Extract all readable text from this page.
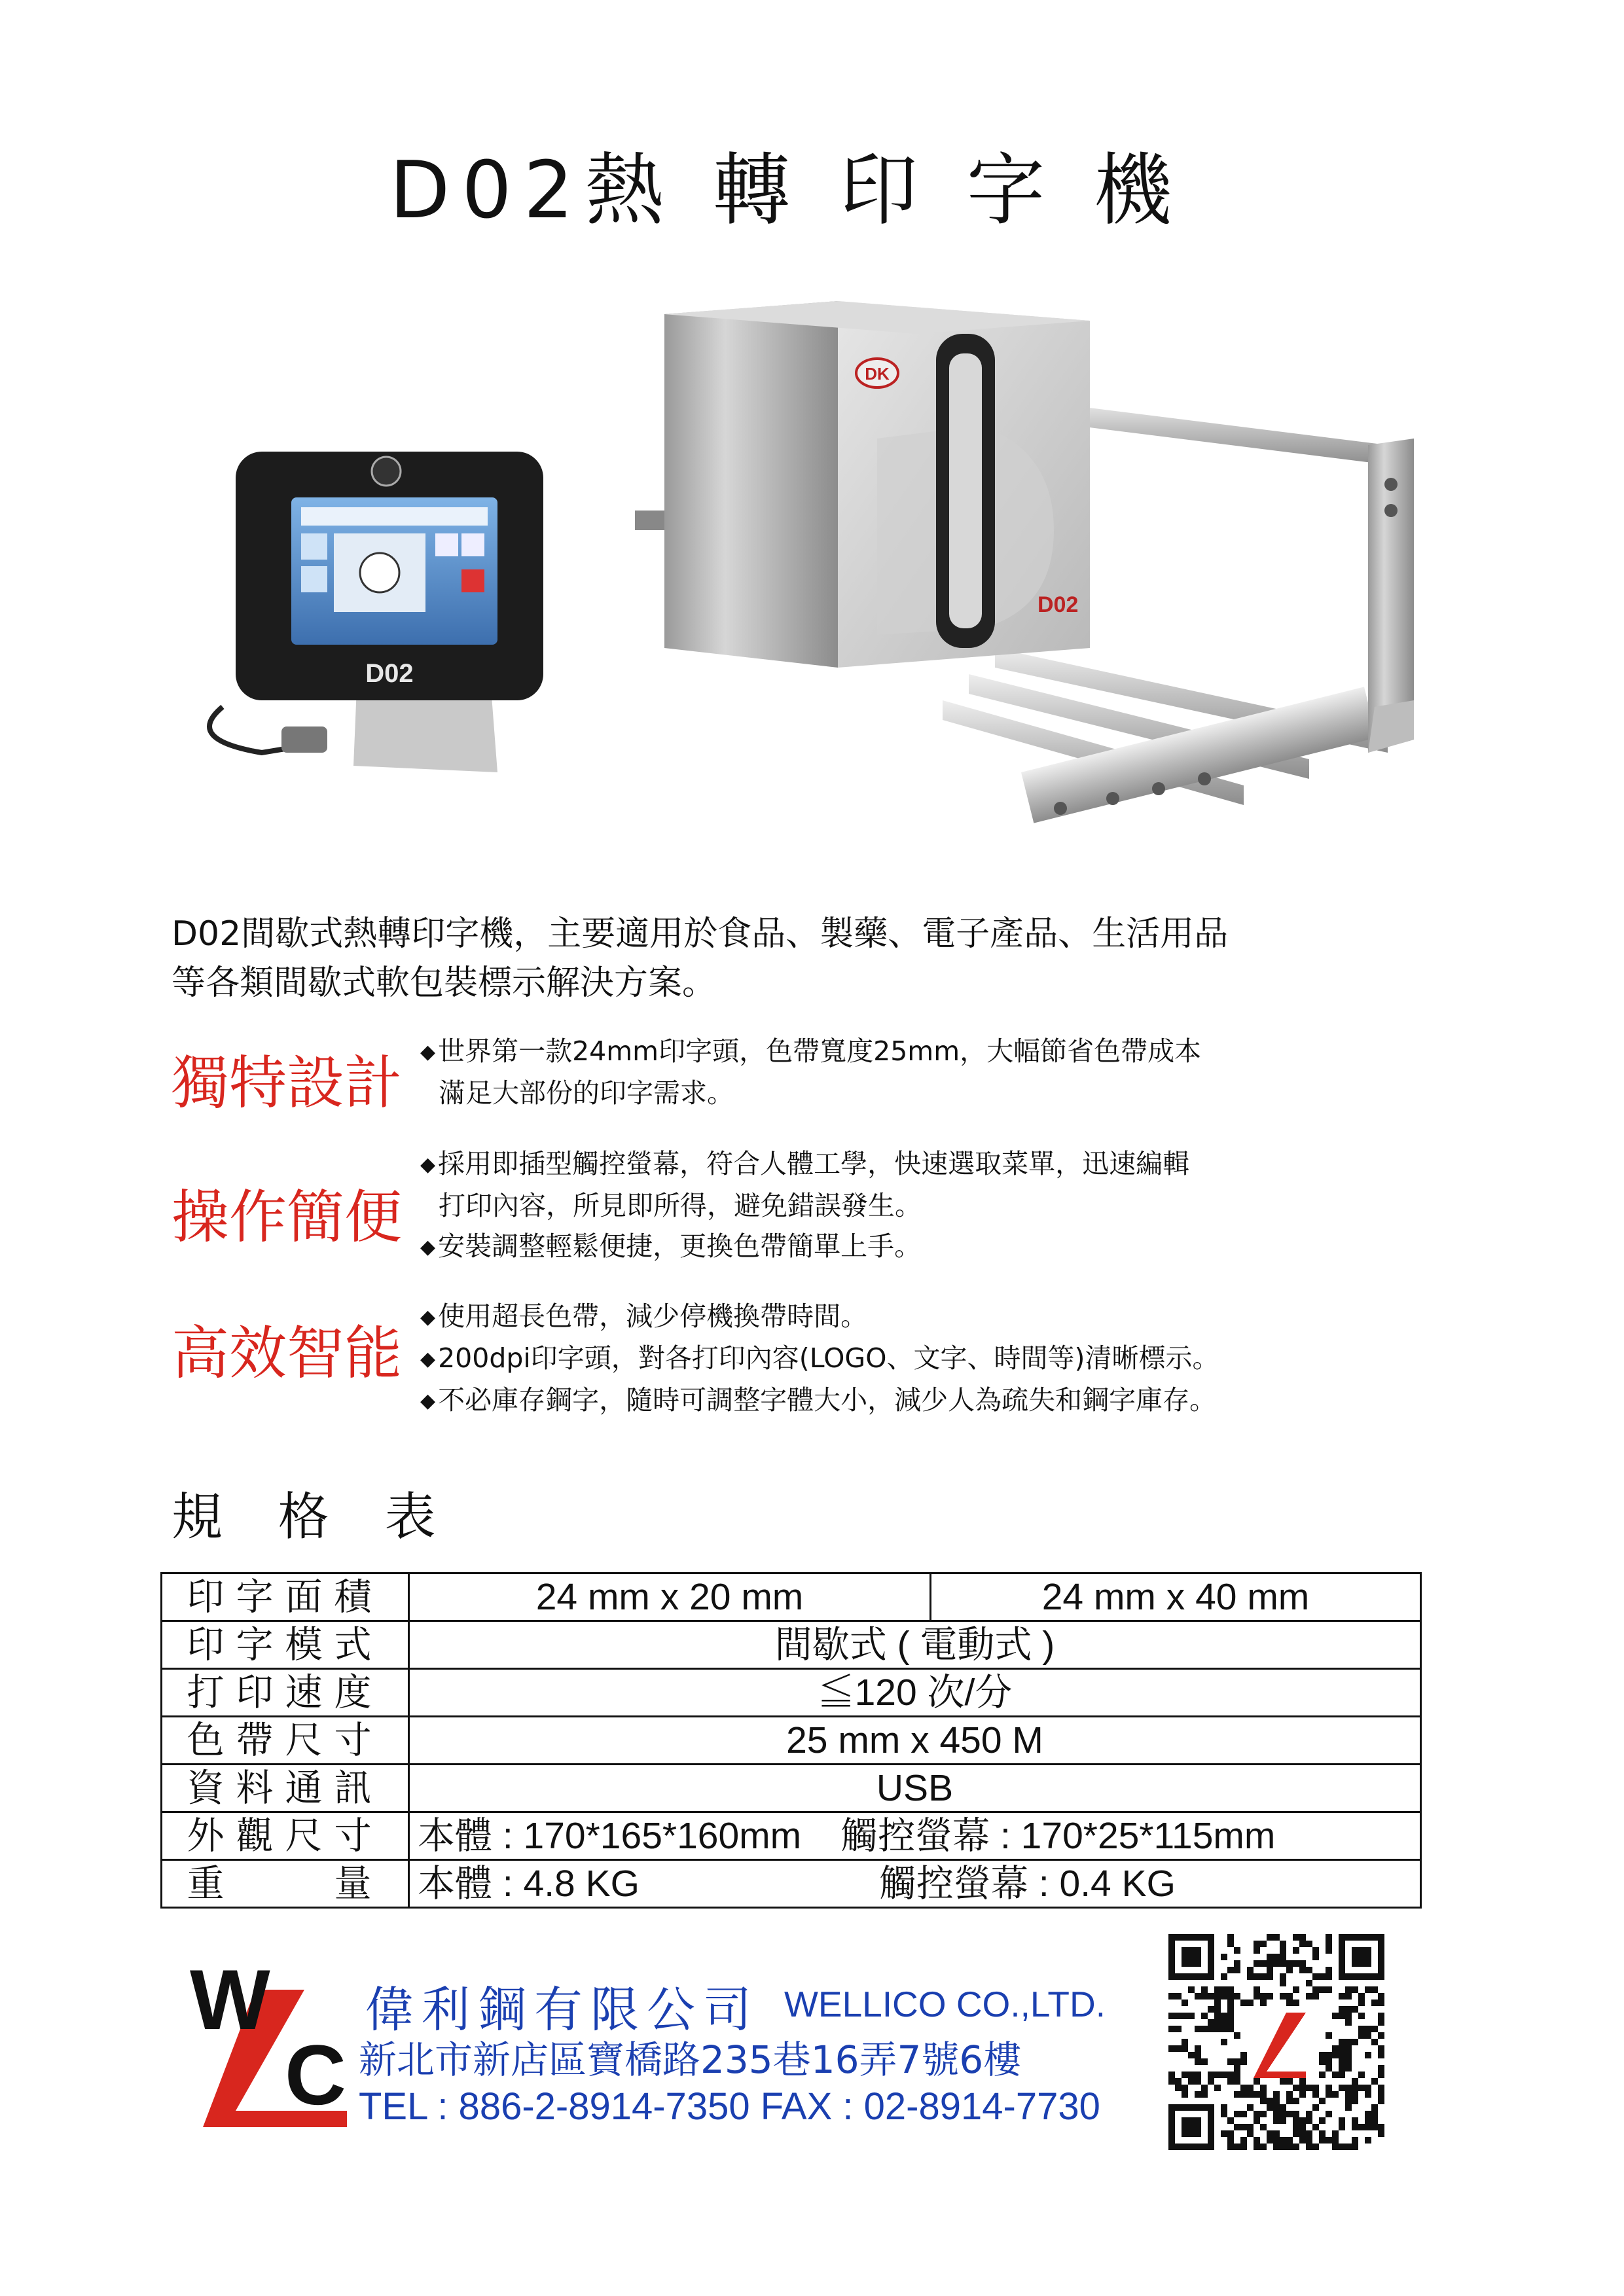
D02熱 轉 印 字 機
DK
D02
D02
D02間歇式熱轉印字機，主要適用於食品、製藥、電子產品、生活用品
等各類間歇式軟包裝標示解決方案。
獨特設計 ◆世界第一款24mm印字頭，色帶寬度25mm，大幅節省色帶成本
滿足大部份的印字需求。
操作簡便
◆採用即插型觸控螢幕，符合人體工學，快速選取菜單，迅速編輯
打印內容，所見即所得，避免錯誤發生。
◆安裝調整輕鬆便捷，更換色帶簡單上手。
高效智能
◆使用超長色帶，減少停機換帶時間。
◆200dpi印字頭，對各打印內容(LOGO、文字、時間等)清晰標示。
◆不必庫存鋼字，隨時可調整字體大小，減少人為疏失和鋼字庫存。
規 格 表
印字面積	24 mm x 20 mm	24 mm x 40 mm
印字模式	間歇式 ( 電動式 )	
打印速度	≦120 次/分	
色帶尺寸	25 mm x 450 M	
資料通訊	USB	
外觀尺寸	本體 : 170*165*160mm 觸控螢幕 : 170*25*115mm	
重　　量	本體 : 4.8 KG 觸控螢幕 : 0.4 KG	
W
C
偉利鋼有限公司 WELLICO CO.,LTD.
新北市新店區寶橋路235巷16弄7號6樓
TEL : 886-2-8914-7350 FAX : 02-8914-7730
